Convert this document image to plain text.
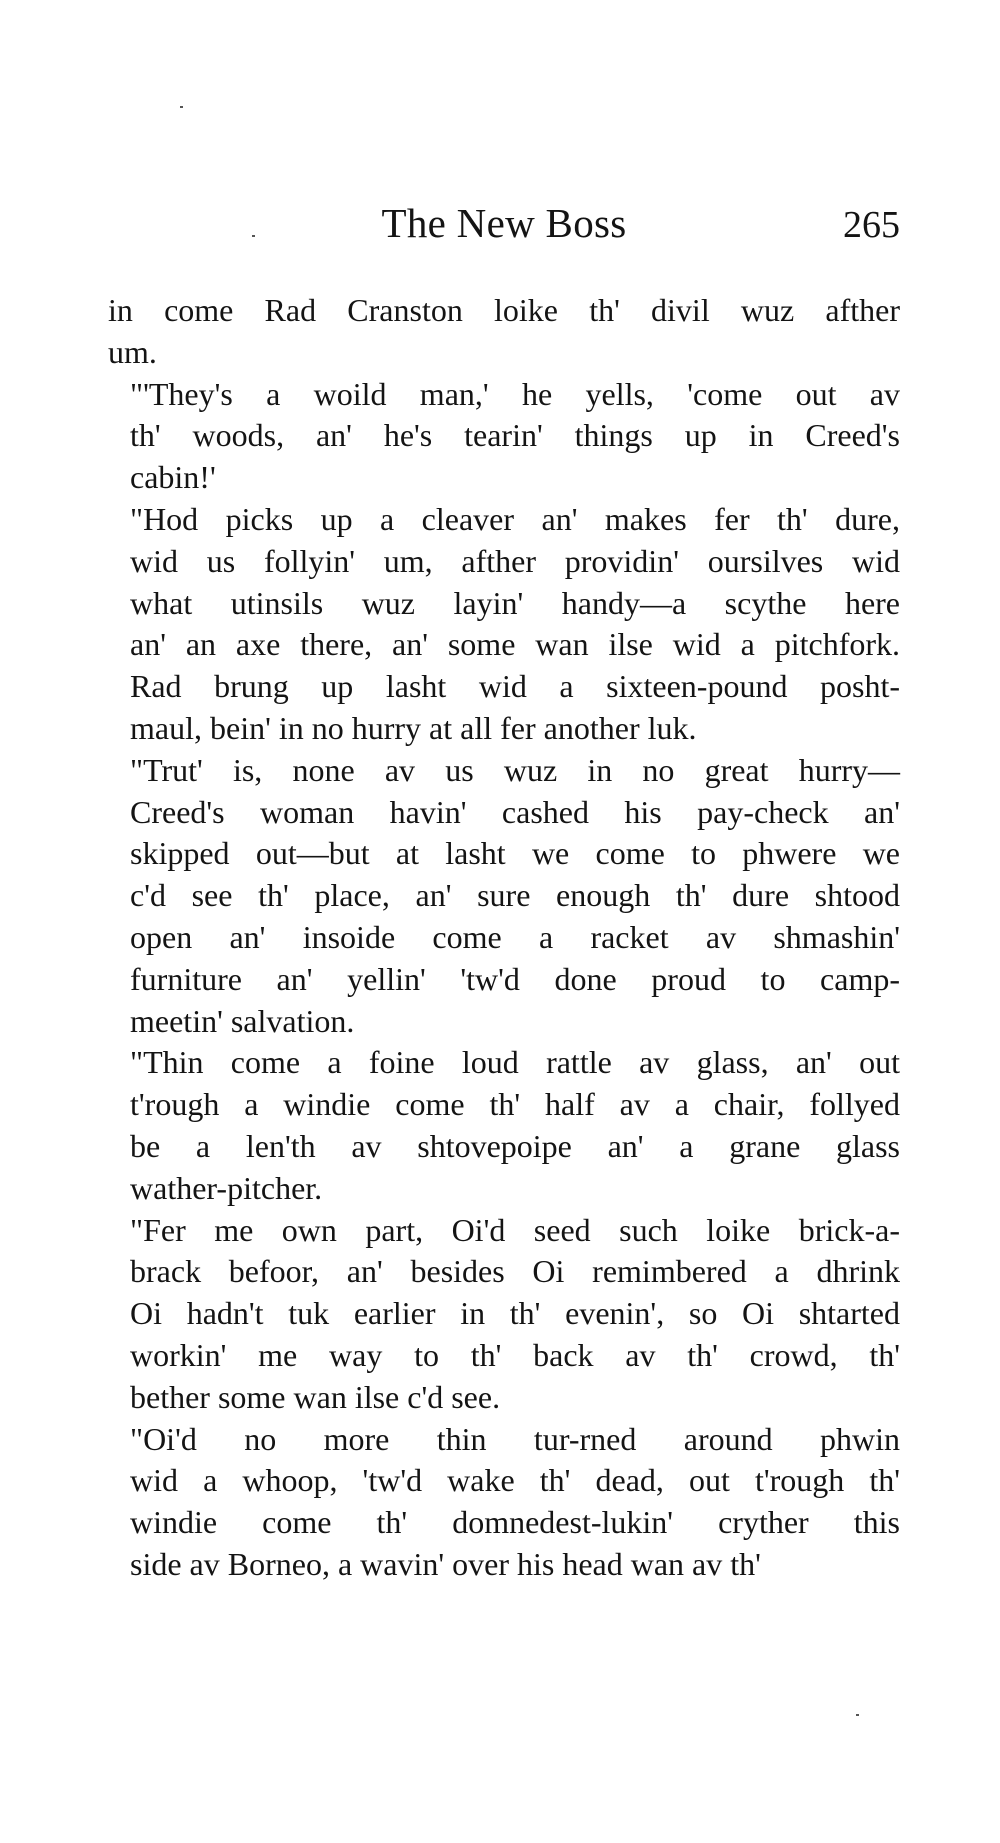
The New Boss	265

in come Rad Cranston loike th' divil wuz afther
um.

"'They's a woild man,' he yells, 'come out av
th' woods, an' he's tearin' things up in Creed's
cabin!'

"Hod picks up a cleaver an' makes fer th' dure,
wid us follyin' um, afther providin' oursilves wid
what utinsils wuz layin' handy—a scythe here
an' an axe there, an' some wan ilse wid a pitchfork.
Rad brung up lasht wid a sixteen-pound posht-
maul, bein' in no hurry at all fer another luk.

"Trut' is, none av us wuz in no great hurry—
Creed's woman havin' cashed his pay-check an'
skipped out—but at lasht we come to phwere we
c'd see th' place, an' sure enough th' dure shtood
open an' insoide come a racket av shmashin'
furniture an' yellin' 'tw'd done proud to camp-
meetin' salvation.

"Thin come a foine loud rattle av glass, an' out
t'rough a windie come th' half av a chair, follyed
be a len'th av shtovepoipe an' a grane glass
wather-pitcher.

"Fer me own part, Oi'd seed such loike brick-a-
brack befoor, an' besides Oi remimbered a dhrink
Oi hadn't tuk earlier in th' evenin', so Oi shtarted
workin' me way to th' back av th' crowd, th'
bether some wan ilse c'd see.

"Oi'd no more thin tur-rned around phwin
wid a whoop, 'tw'd wake th' dead, out t'rough th'
windie come th' domnedest-lukin' cryther this
side av Borneo, a wavin' over his head wan av th'
